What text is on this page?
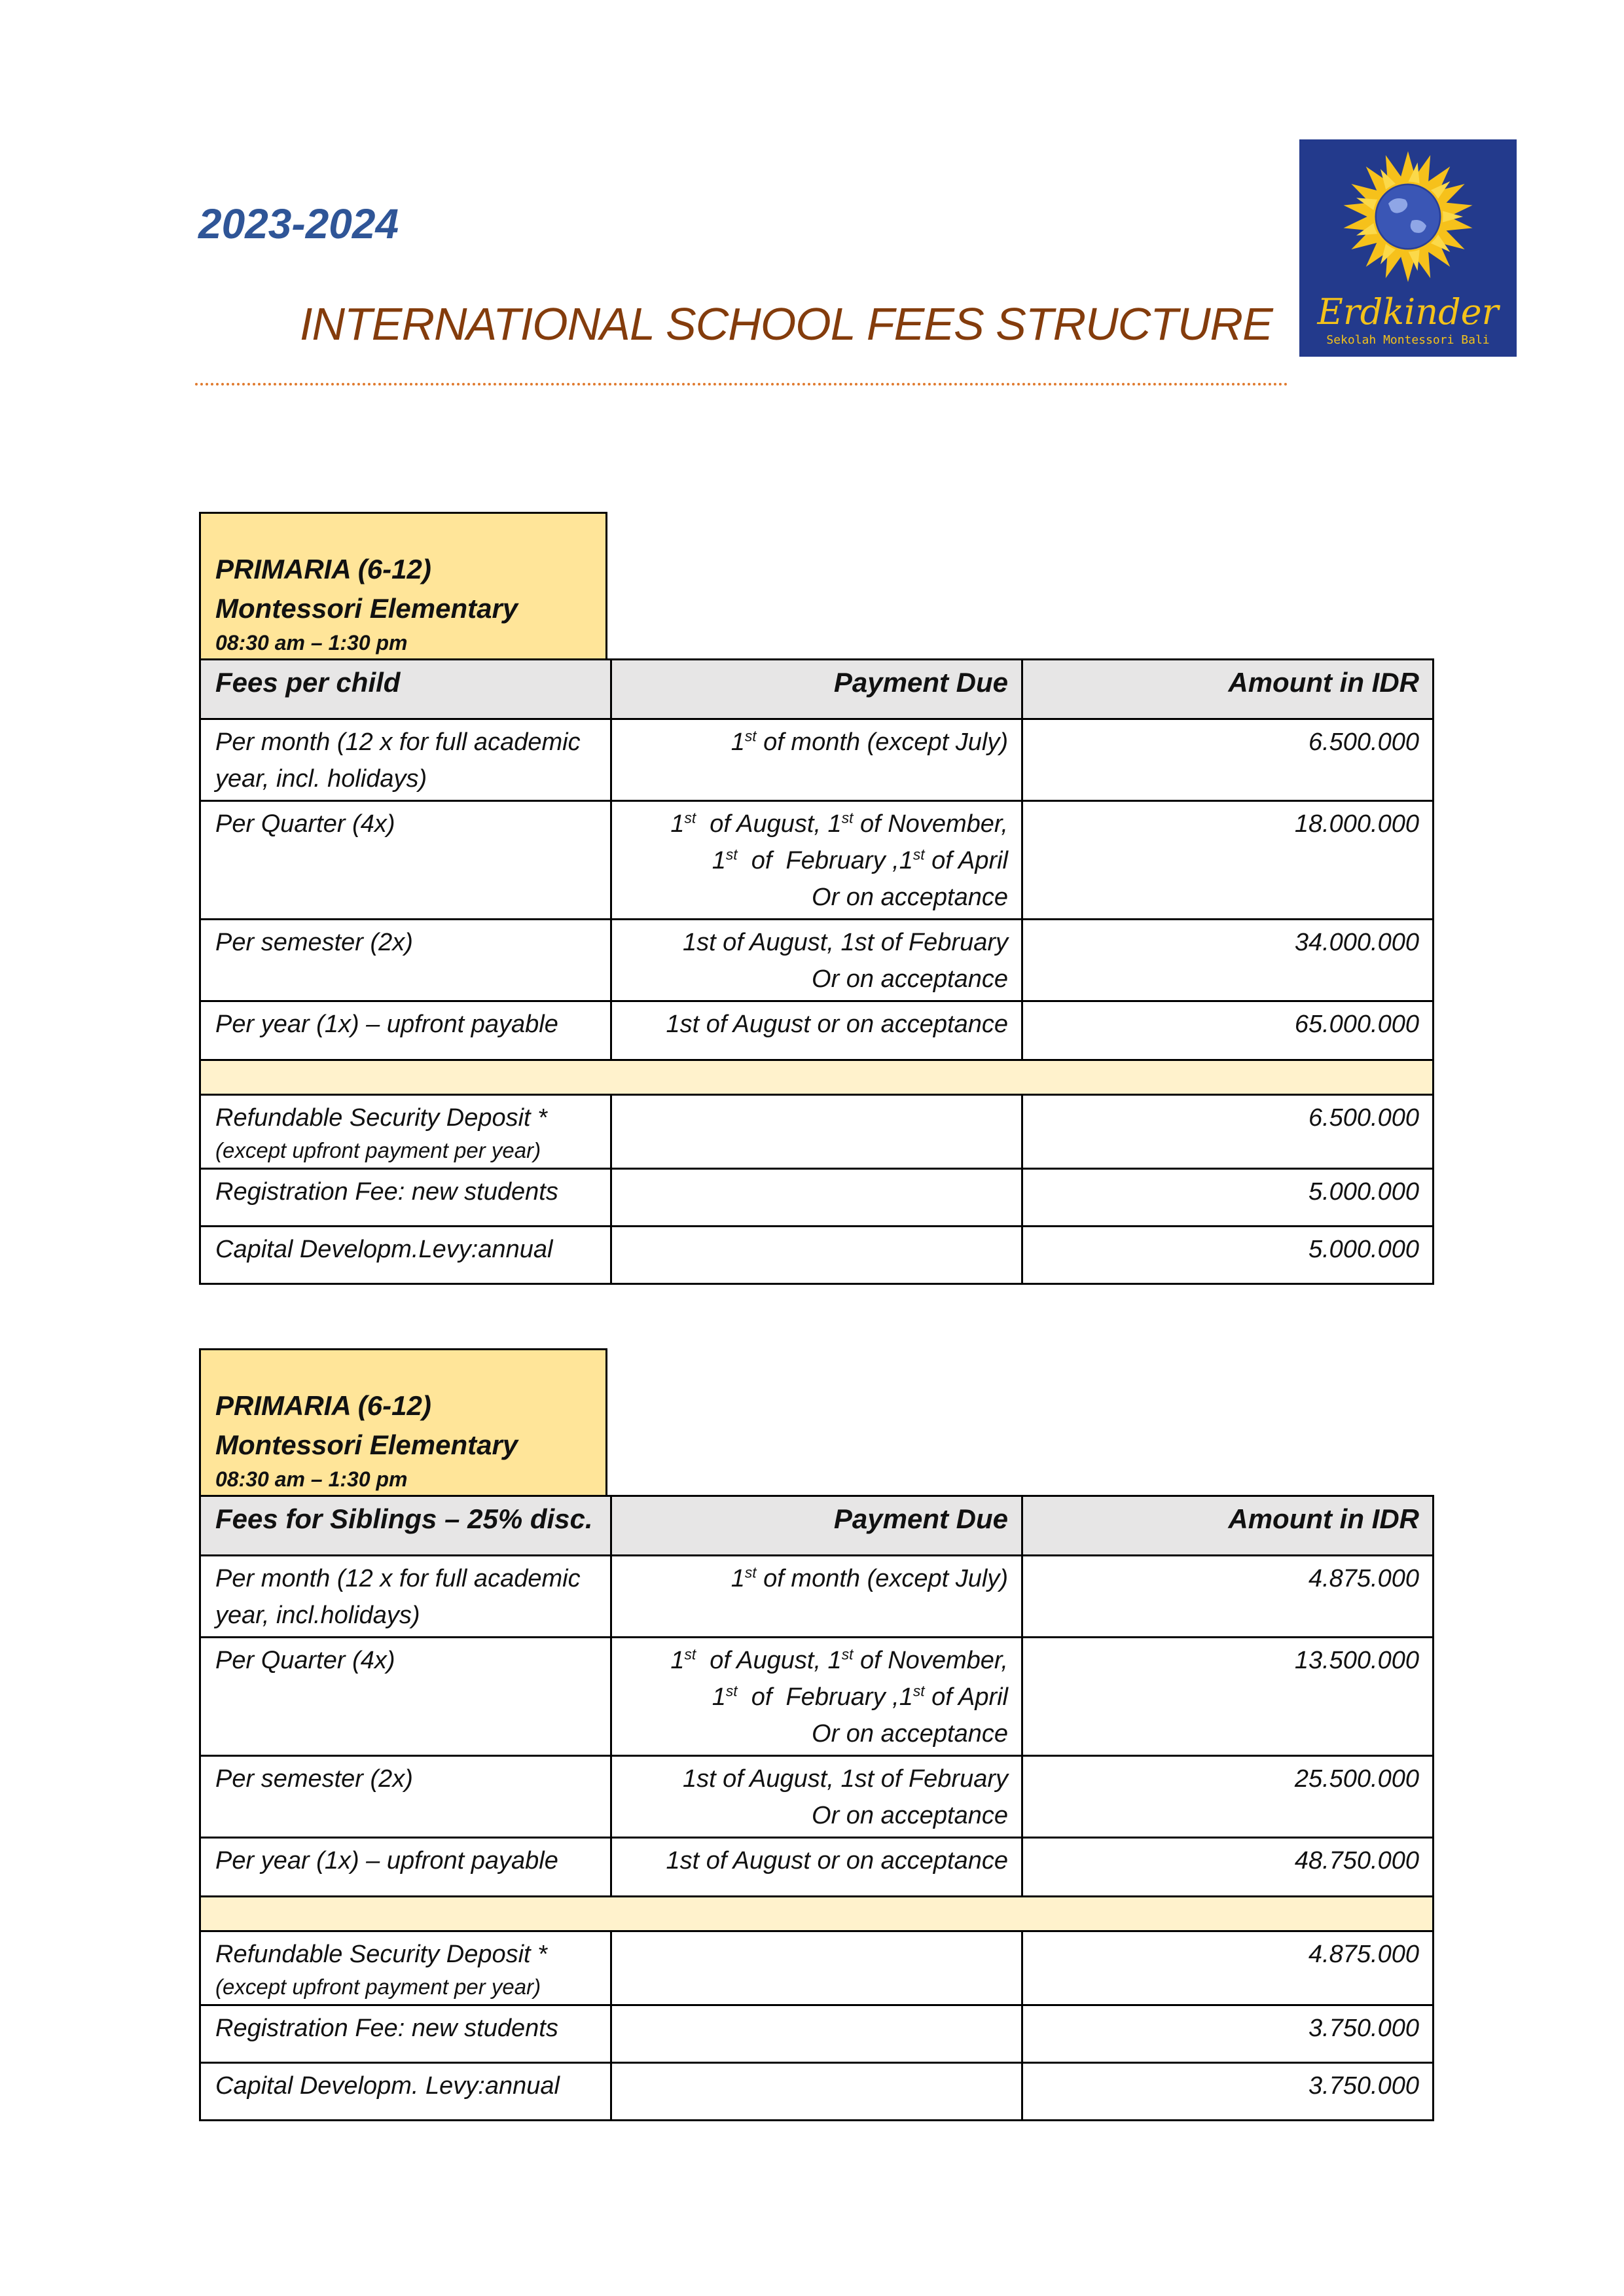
2023-2024
INTERNATIONAL SCHOOL FEES STRUCTURE	Erdkinder
Sekolah Montessori Bali
PRIMARIA (6-12)
Montessori Elementary
08:30 am – 1:30 pm
Fees per child	Payment Due	Amount in IDR
Per month (12 x for full academic year, incl. holidays)	1st of month (except July)	6.500.000
Per Quarter (4x)	1st  of August, 1st of November,
1st  of  February ,1st of April
Or on acceptance	18.000.000
Per semester (2x)	1st of August, 1st of February
Or on acceptance	34.000.000
Per year (1x) – upfront payable	1st of August or on acceptance	65.000.000

Refundable Security Deposit *
(except upfront payment per year)		6.500.000
Registration Fee: new students		5.000.000
Capital Developm.Levy:annual		5.000.000
PRIMARIA (6-12)
Montessori Elementary
08:30 am – 1:30 pm
Fees for Siblings – 25% disc.	Payment Due	Amount in IDR
Per month (12 x for full academic year, incl.holidays)	1st of month (except July)	4.875.000
Per Quarter (4x)	1st  of August, 1st of November,
1st  of  February ,1st of April
Or on acceptance	13.500.000
Per semester (2x)	1st of August, 1st of February
Or on acceptance	25.500.000
Per year (1x) – upfront payable	1st of August or on acceptance	48.750.000

Refundable Security Deposit *
(except upfront payment per year)		4.875.000
Registration Fee: new students		3.750.000
Capital Developm. Levy:annual		3.750.000
